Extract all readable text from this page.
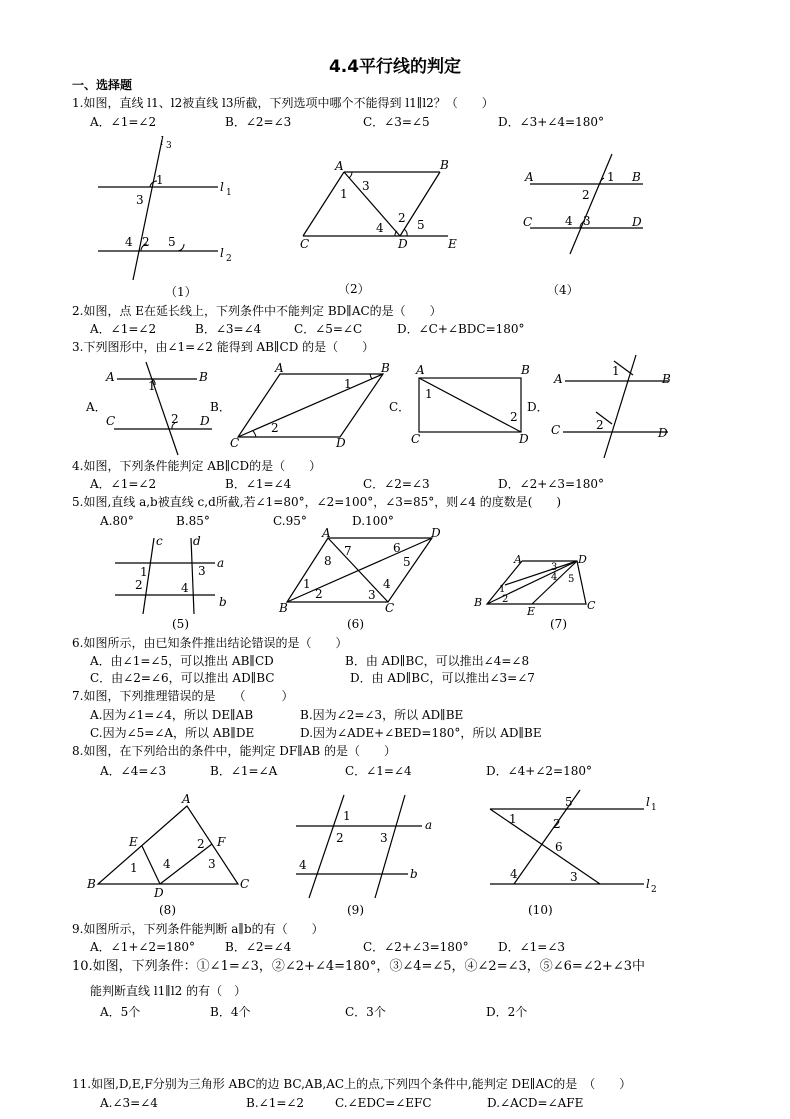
4.4平行线的判定
一、选择题
1.如图，直线 l1、l2被直线 l3所截，下列选项中哪个不能得到 l1∥l2？（　　）
A．∠1=∠2	B．∠2=∠3	C．∠3=∠5	D．∠3+∠4=180°
l 3
l 1
l 2
1
3
4 2 5
A	B
C	D	E
3
1
2
4	5
A	B
C	D
1
2
4 3
（1）	（2）	（4）
A	B
C	D
1
2
A	B
C	D
1
2
A	B
C	D
1
2
A	B
C	D
1
2
c	d
a
b
1	3
2	4
A	D
B	C
7
8
6
5
1
2	3
4
A	D
B
E	C
3
4 5
1
2
(5)	(6)	(7)
A
B	C
D
E	F
1
2
3
4
a
b
1
2	3
4
l 1
l 2
5
1	2
6
4	3
(8)	(9)	(10)
2.如图，点 E在延长线上，下列条件中不能判定 BD∥AC的是（　　）
A．∠1=∠2	B．∠3=∠4	C．∠5=∠C	D．∠C+∠BDC=180°
3.下列图形中，由∠1=∠2 能得到 AB∥CD 的是（　　）
A．	B．	C．	D．
4.如图，下列条件能判定 AB∥CD的是（　　）
A．∠1=∠2	B．∠1=∠4	C．∠2=∠3	D．∠2+∠3=180°
5.如图,直线 a,b被直线 c,d所截,若∠1=80°，∠2=100°，∠3=85°，则∠4 的度数是(　　)
A.80°	B.85°	C.95°	D.100°
6.如图所示，由已知条件推出结论错误的是（　　）
A．由∠1=∠5，可以推出 AB∥CD	B．由 AD∥BC，可以推出∠4=∠8
C．由∠2=∠6，可以推出 AD∥BC	D．由 AD∥BC，可以推出∠3=∠7
7.如图，下列推理错误的是　　（　　　）
A.因为∠1=∠4，所以 DE∥AB	B.因为∠2=∠3，所以 AD∥BE
C.因为∠5=∠A，所以 AB∥DE	D.因为∠ADE+∠BED=180°，所以 AD∥BE
8.如图，在下列给出的条件中，能判定 DF∥AB 的是（　　）
A．∠4=∠3	B．∠1=∠A	C．∠1=∠4	D．∠4+∠2=180°
9.如图所示，下列条件能判断 a∥b的有（　　）
A．∠1+∠2=180° B．∠2=∠4	C．∠2+∠3=180° D．∠1=∠3
10.如图，下列条件：①∠1=∠3，②∠2+∠4=180°，③∠4=∠5，④∠2=∠3，⑤∠6=∠2+∠3中
能判断直线 l1∥l2 的有（　）
A．5个	B．4个	C．3个	D．2个
11.如图,D,E,F分别为三角形 ABC的边 BC,AB,AC上的点,下列四个条件中,能判定 DE∥AC的是　（　　）
A.∠3=∠4	B.∠1=∠2	C.∠EDC=∠EFC	D.∠ACD=∠AFE
